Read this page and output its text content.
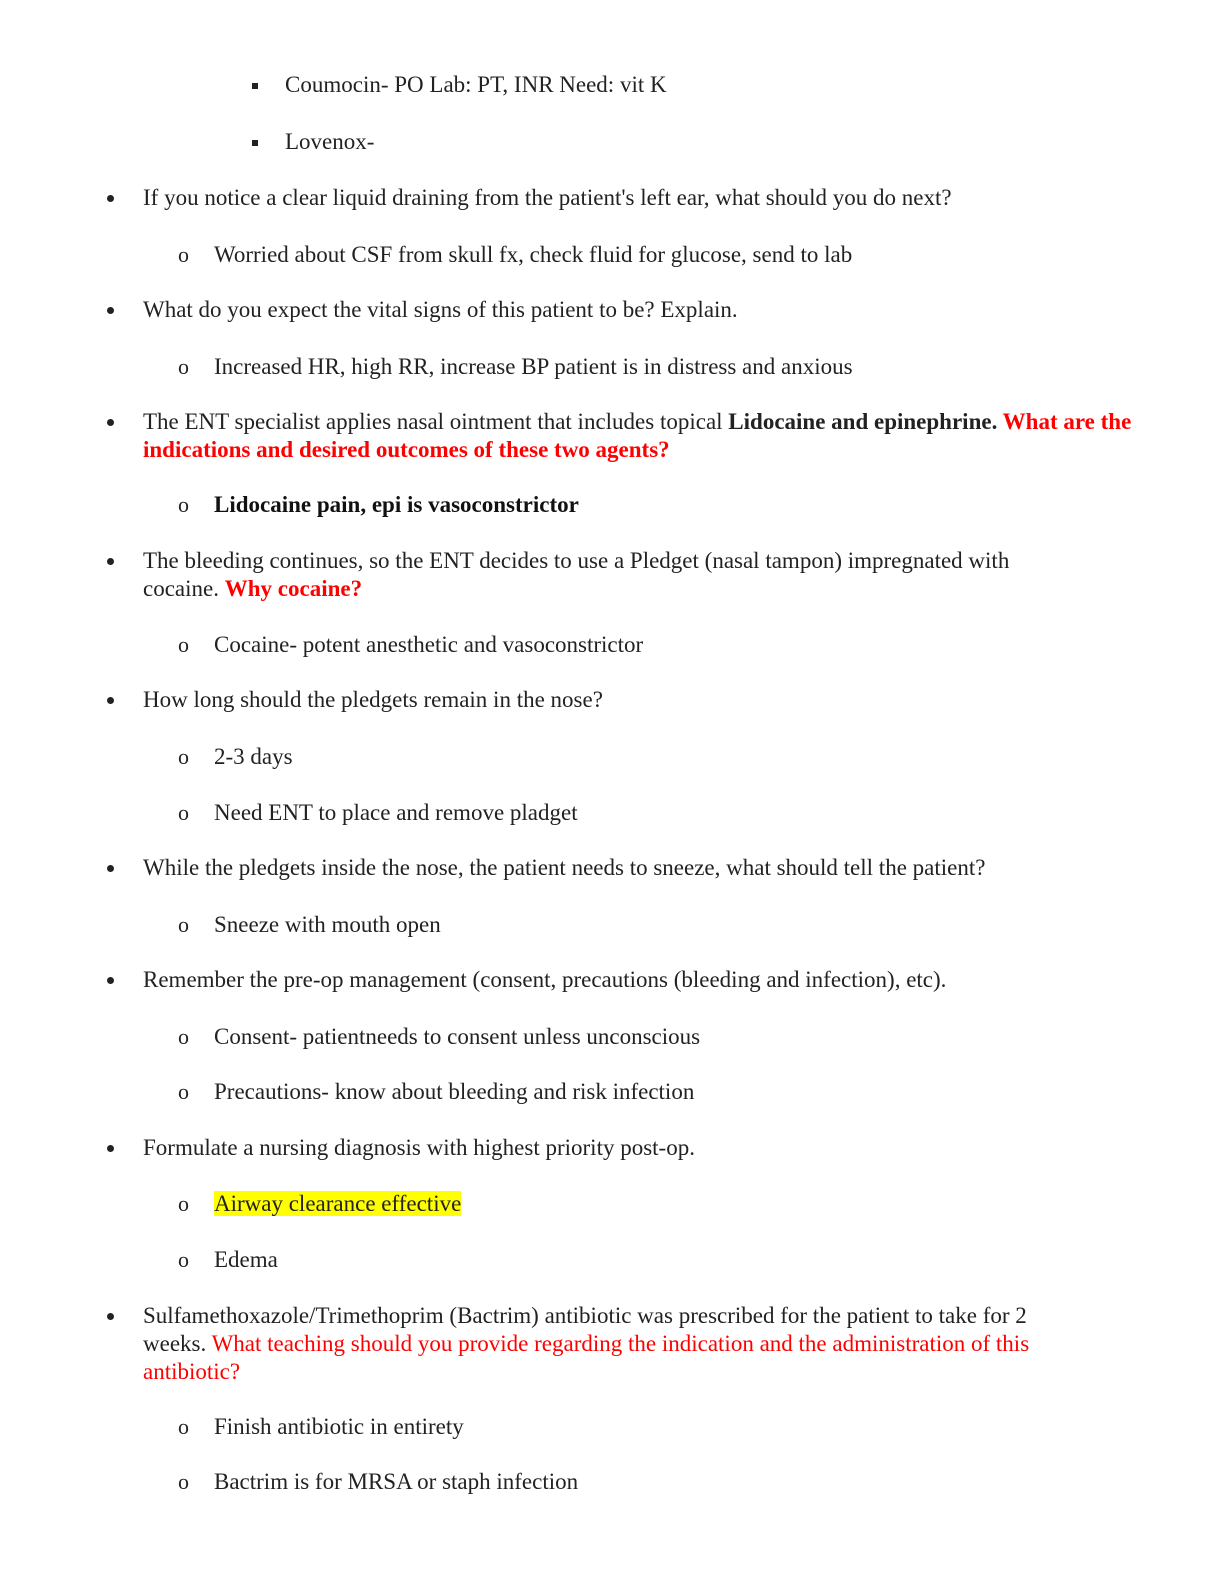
Coumocin- PO Lab: PT, INR Need: vit K
Lovenox-
If you notice a clear liquid draining from the patient's left ear, what should you do next?
o Worried about CSF from skull fx, check fluid for glucose, send to lab
What do you expect the vital signs of this patient to be? Explain.
o Increased HR, high RR, increase BP patient is in distress and anxious
The ENT specialist applies nasal ointment that includes topical Lidocaine and epinephrine. What are the indications and desired outcomes of these two agents?
o Lidocaine pain, epi is vasoconstrictor
The bleeding continues, so the ENT decides to use a Pledget (nasal tampon) impregnated with cocaine. Why cocaine?
o Cocaine- potent anesthetic and vasoconstrictor
How long should the pledgets remain in the nose?
o 2-3 days
o Need ENT to place and remove pladget
While the pledgets inside the nose, the patient needs to sneeze, what should tell the patient?
o Sneeze with mouth open
Remember the pre-op management (consent, precautions (bleeding and infection), etc).
o Consent- patientneeds to consent unless unconscious
o Precautions- know about bleeding and risk infection
Formulate a nursing diagnosis with highest priority post-op.
o Airway clearance effective
o Edema
Sulfamethoxazole/Trimethoprim (Bactrim) antibiotic was prescribed for the patient to take for 2 weeks. What teaching should you provide regarding the indication and the administration of this antibiotic?
o Finish antibiotic in entirety
o Bactrim is for MRSA or staph infection
